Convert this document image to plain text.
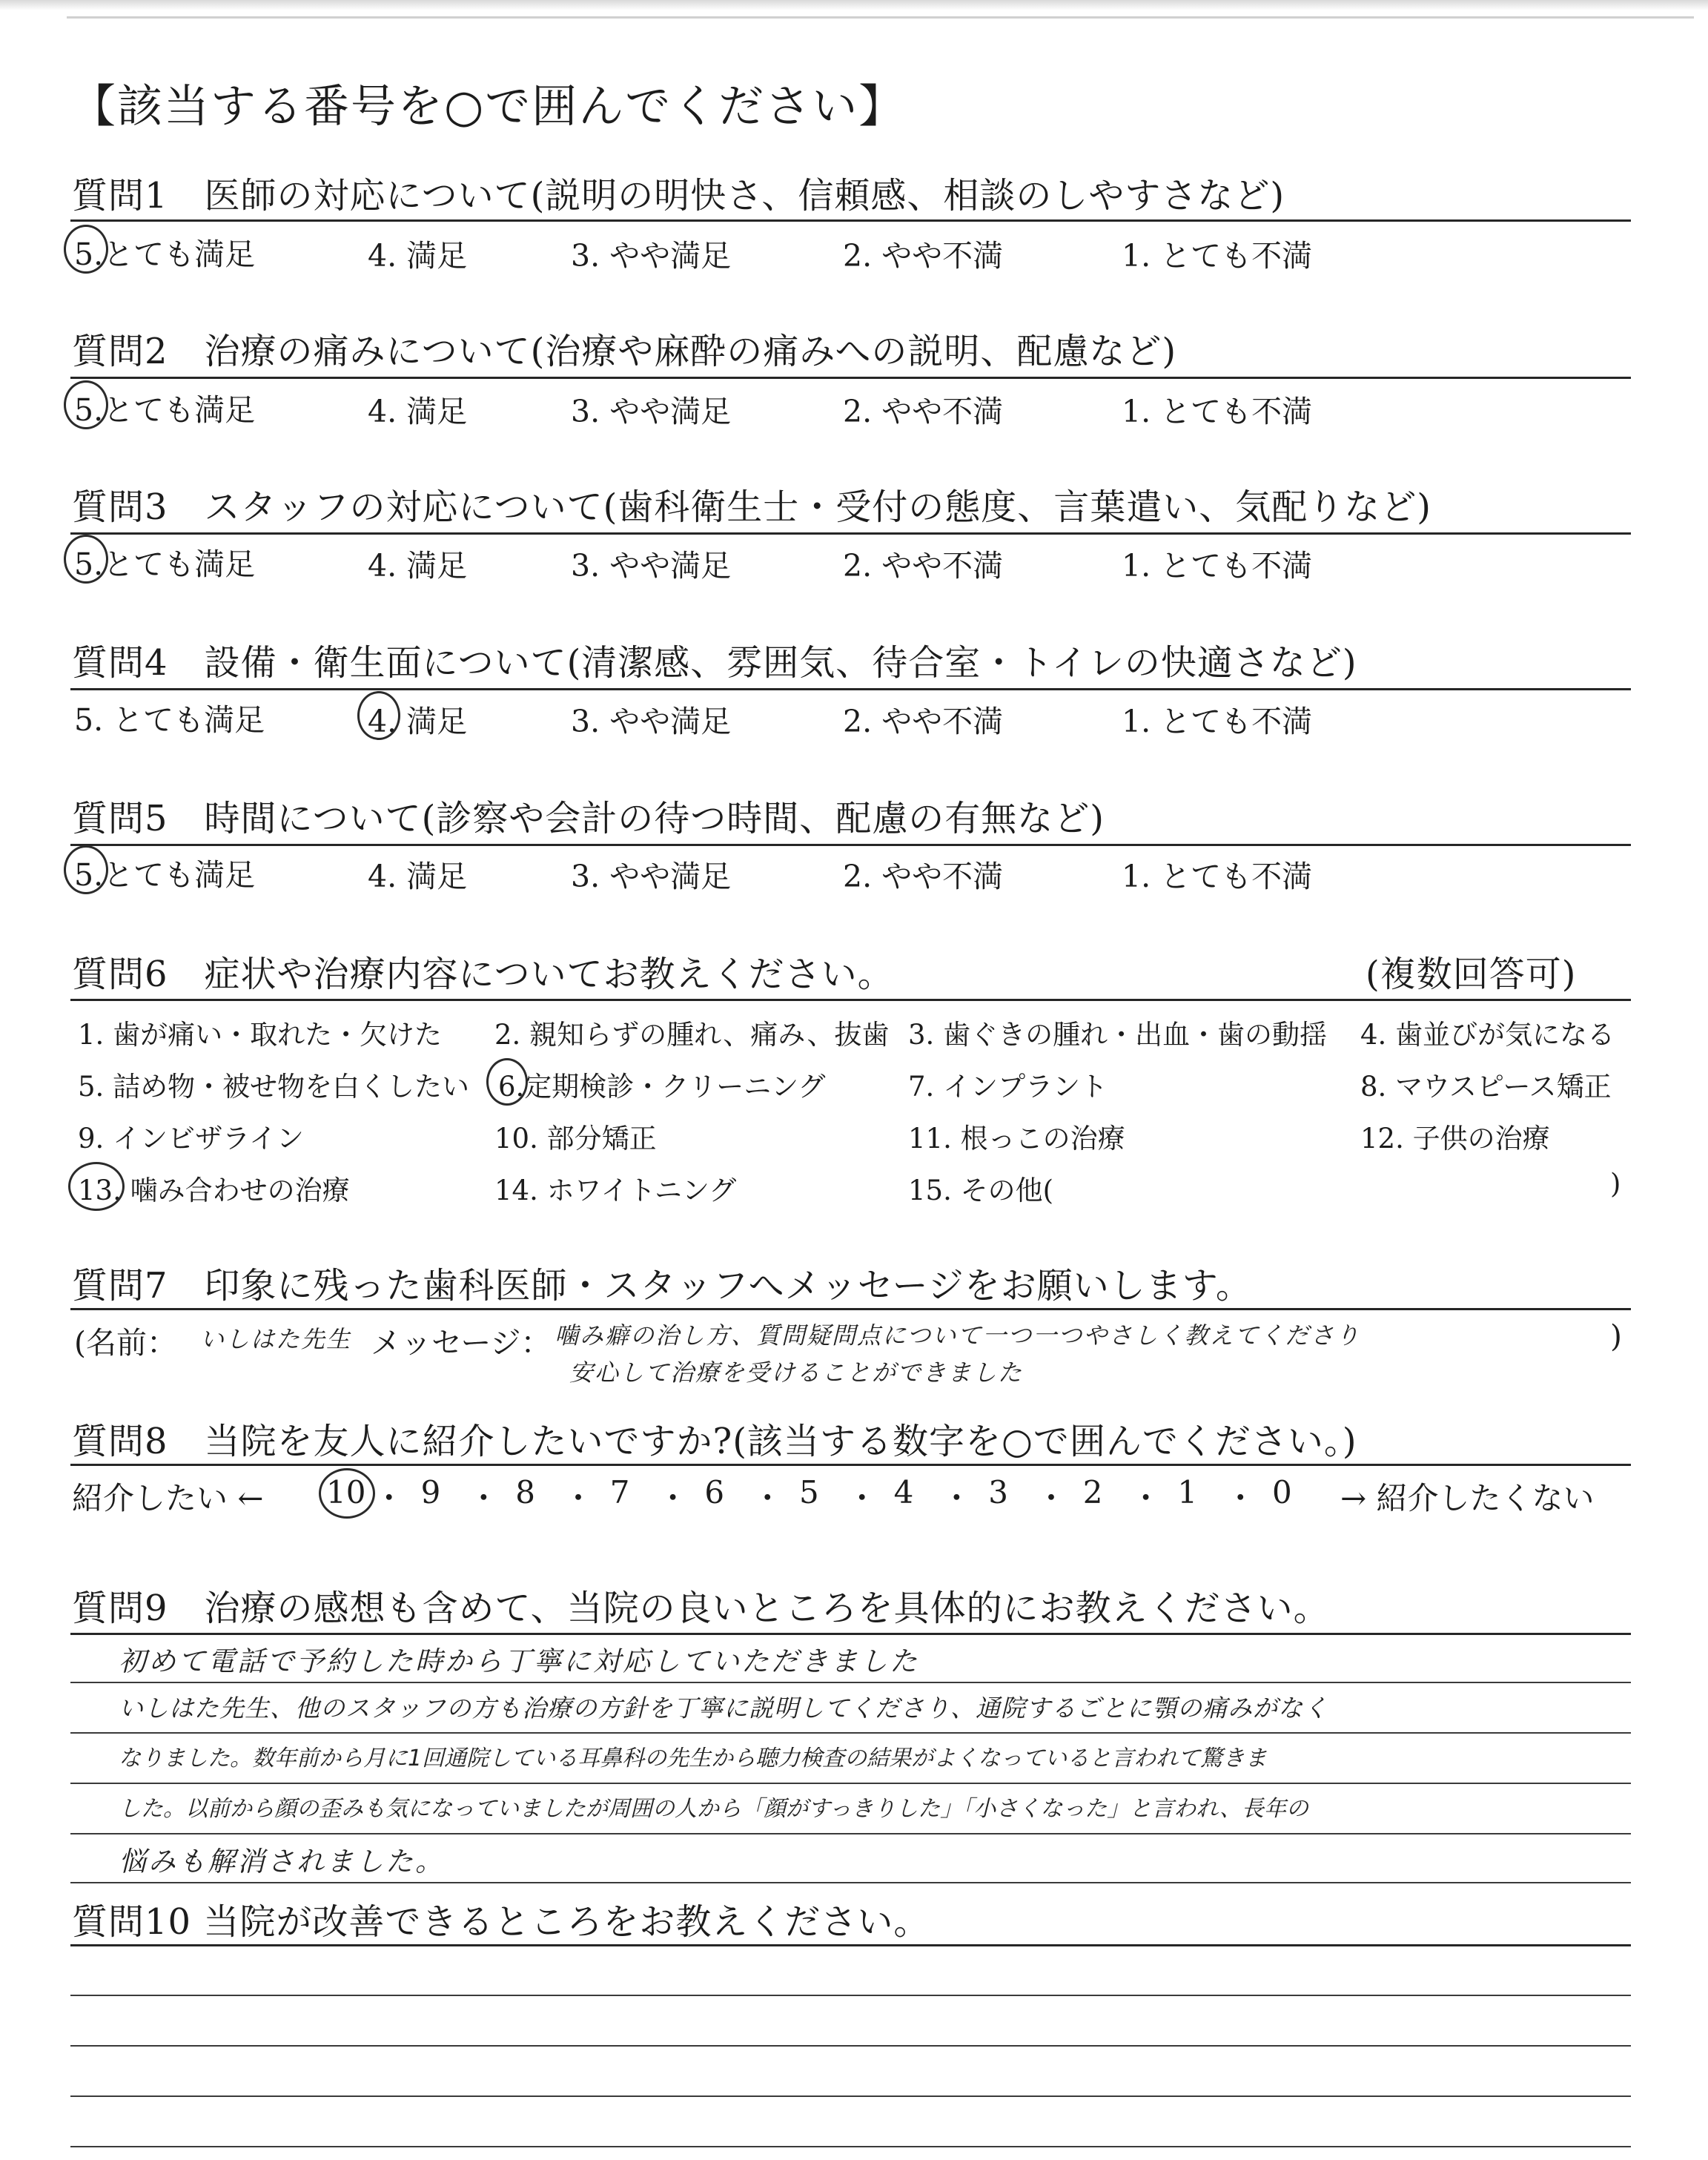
【該当する番号を○で囲んでください】
質問1　医師の対応について(説明の明快さ、信頼感、相談のしやすさなど)
5.とても満足	4. 満足	3. やや満足	2. やや不満	1. とても不満
質問2　治療の痛みについて(治療や麻酔の痛みへの説明、配慮など)
5.とても満足	4. 満足	3. やや満足	2. やや不満	1. とても不満
質問3　スタッフの対応について(歯科衛生士・受付の態度、言葉遣い、気配りなど)
5.とても満足	4. 満足	3. やや満足	2. やや不満	1. とても不満
質問4　設備・衛生面について(清潔感、雰囲気、待合室・トイレの快適さなど)
5. とても満足	4. 満足	3. やや満足	2. やや不満	1. とても不満
質問5　時間について(診察や会計の待つ時間、配慮の有無など)
5.とても満足	4. 満足	3. やや満足	2. やや不満	1. とても不満
質問6　症状や治療内容についてお教えください。	(複数回答可)
1. 歯が痛い・取れた・欠けた 2. 親知らずの腫れ、痛み、抜歯 3. 歯ぐきの腫れ・出血・歯の動揺 4. 歯並びが気になる
5. 詰め物・被せ物を白くしたい 6.定期検診・クリーニング	7. インプラント	8. マウスピース矯正
9. インビザライン	10. 部分矯正	11. 根っこの治療	12. 子供の治療
13. 噛み合わせの治療	14. ホワイトニング	15. その他(	)
質問7　印象に残った歯科医師・スタッフへメッセージをお願いします。
(名前： いしはた先生 メッセージ： 噛み癖の治し方、質問疑問点について一つ一つやさしく教えてくださり
安心して治療を受けることができました
)
質問8　当院を友人に紹介したいですか?(該当する数字を○で囲んでください。)
紹介したい ←	→ 紹介したくない
10 ・ 9 ・ 8 ・ 7 ・ 6 ・ 5 ・ 4 ・ 3 ・ 2 ・ 1 ・ 0
質問9　治療の感想も含めて、当院の良いところを具体的にお教えください。
初めて電話で予約した時から丁寧に対応していただきました
いしはた先生、他のスタッフの方も治療の方針を丁寧に説明してくださり、通院するごとに顎の痛みがなく
なりました。数年前から月に1回通院している耳鼻科の先生から聴力検査の結果がよくなっていると言われて驚きま
した。以前から顔の歪みも気になっていましたが周囲の人から「顔がすっきりした」「小さくなった」と言われ、長年の
悩みも解消されました。
質問10 当院が改善できるところをお教えください。
